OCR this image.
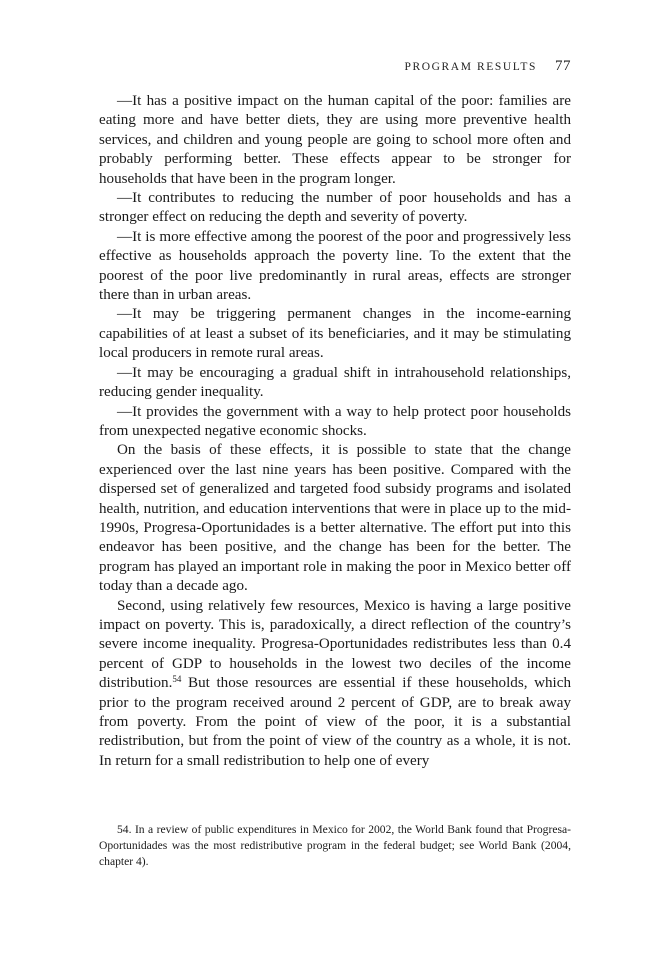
PROGRAM RESULTS 77

—It has a positive impact on the human capital of the poor: families are eating more and have better diets, they are using more preventive health services, and children and young people are going to school more often and probably performing better. These effects appear to be stronger for households that have been in the program longer.

—It contributes to reducing the number of poor households and has a stronger effect on reducing the depth and severity of poverty.

—It is more effective among the poorest of the poor and progressively less effective as households approach the poverty line. To the extent that the poorest of the poor live predominantly in rural areas, effects are stronger there than in urban areas.

—It may be triggering permanent changes in the income-earning capabilities of at least a subset of its beneficiaries, and it may be stimulating local producers in remote rural areas.

—It may be encouraging a gradual shift in intrahousehold relationships, reducing gender inequality.

—It provides the government with a way to help protect poor households from unexpected negative economic shocks.

On the basis of these effects, it is possible to state that the change experienced over the last nine years has been positive. Compared with the dispersed set of generalized and targeted food subsidy programs and isolated health, nutrition, and education interventions that were in place up to the mid-1990s, Progresa-Oportunidades is a better alternative. The effort put into this endeavor has been positive, and the change has been for the better. The program has played an important role in making the poor in Mexico better off today than a decade ago.

Second, using relatively few resources, Mexico is having a large positive impact on poverty. This is, paradoxically, a direct reflection of the country’s severe income inequality. Progresa-Oportunidades redistributes less than 0.4 percent of GDP to households in the lowest two deciles of the income distribution.$^{54}$ But those resources are essential if these households, which prior to the program received around 2 percent of GDP, are to break away from poverty. From the point of view of the poor, it is a substantial redistribution, but from the point of view of the country as a whole, it is not. In return for a small redistribution to help one of every

54. In a review of public expenditures in Mexico for 2002, the World Bank found that Progresa-Oportunidades was the most redistributive program in the federal budget; see World Bank (2004, chapter 4).
